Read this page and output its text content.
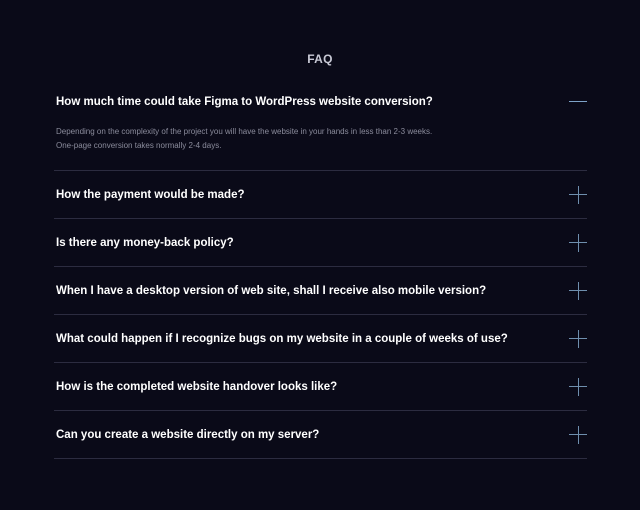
FAQ
How much time could take Figma to WordPress website conversion?
Depending on the complexity of the project you will have the website in your hands in less than 2-3 weeks.
One-page conversion takes normally 2-4 days.
How the payment would be made?
Is there any money-back policy?
When I have a desktop version of web site, shall I receive also mobile version?
What could happen if I recognize bugs on my website in a couple of weeks of use?
How is the completed website handover looks like?
Can you create a website directly on my server?
